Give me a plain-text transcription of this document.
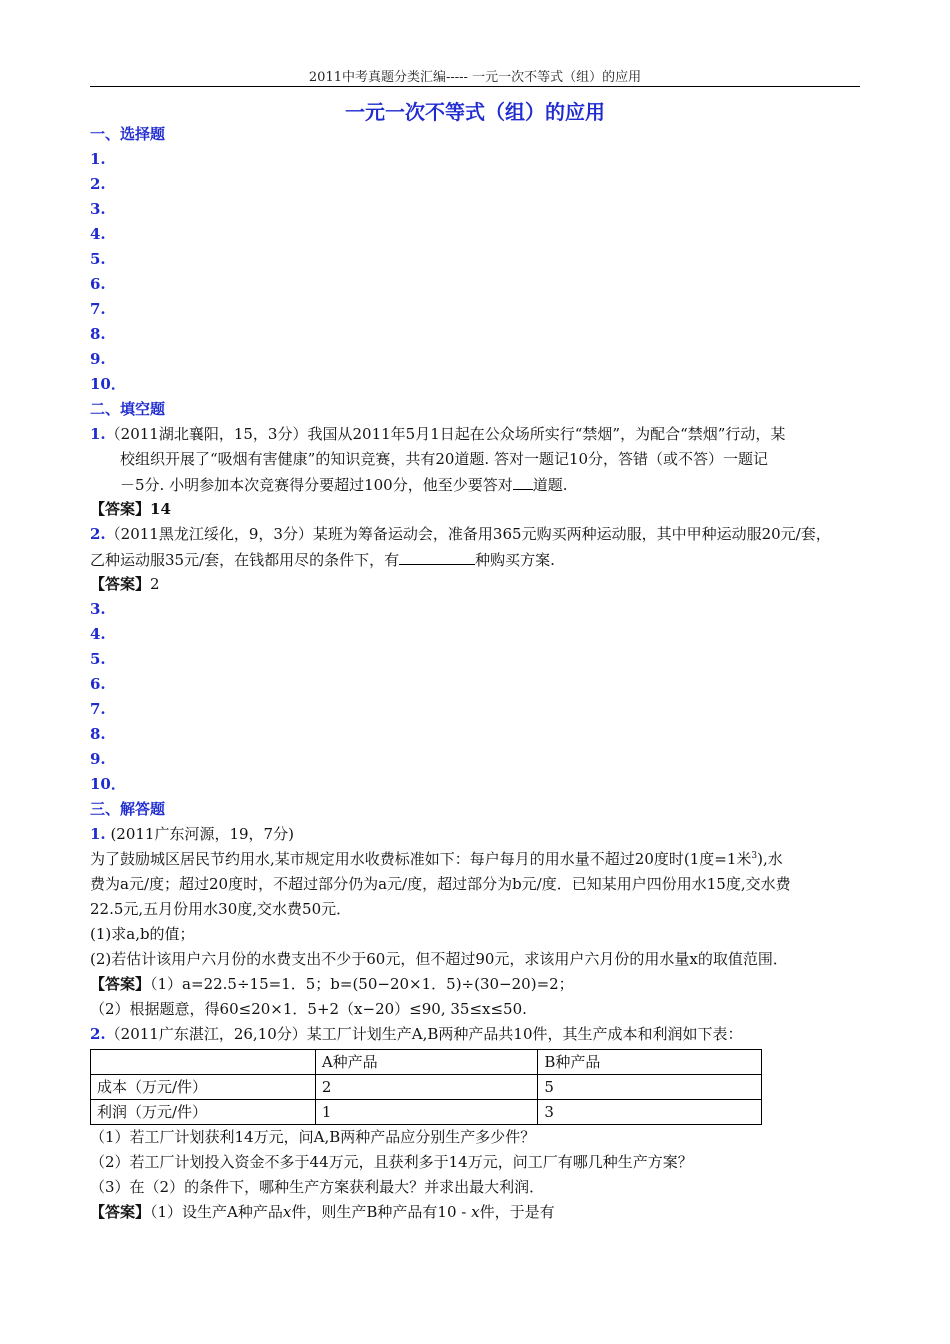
2011中考真题分类汇编----- 一元一次不等式（组）的应用
一元一次不等式（组）的应用
一、选择题
1.
2.
3.
4.
5.
6.
7.
8.
9.
10．
二、填空题
1.（2011湖北襄阳，15，3分）我国从2011年5月1日起在公众场所实行“禁烟”，为配合“禁烟”行动，某
校组织开展了“吸烟有害健康”的知识竞赛，共有20道题. 答对一题记10分，答错（或不答）一题记
－5分. 小明参加本次竞赛得分要超过100分，他至少要答对 道题.
【答案】14
2.（2011黑龙江绥化，9，3分）某班为筹备运动会，准备用365元购买两种运动服，其中甲种运动服20元/套，
乙种运动服35元/套，在钱都用尽的条件下，有	种购买方案.
【答案】2
3.
4.
5.
6.
7.
8.
9.
10．
三、解答题
1. (2011广东河源，19，7分)
为了鼓励城区居民节约用水,某市规定用水收费标准如下：每户每月的用水量不超过20度时(1度=1米$^3$),水
费为a元/度；超过20度时，不超过部分仍为a元/度，超过部分为b元/度．已知某用户四份用水15度,交水费
22.5元,五月份用水30度,交水费50元．
(1)求a,b的值；
(2)若估计该用户六月份的水费支出不少于60元，但不超过90元，求该用户六月份的用水量x的取值范围．
【答案】（1）a=22.5÷15=1．5；b=(50−20×1．5)÷(30−20)=2；
（2）根据题意，得60≤20×1．5+2（x−20）≤90, 35≤x≤50.
2.（2011广东湛江，26,10分）某工厂计划生产A,B两种产品共10件，其生产成本和利润如下表：
	A种产品	B种产品
成本（万元/件）	2	5
利润（万元/件）	1	3
（1）若工厂计划获利14万元，问A,B两种产品应分别生产多少件？
（2）若工厂计划投入资金不多于44万元，且获利多于14万元，问工厂有哪几种生产方案？
（3）在（2）的条件下，哪种生产方案获利最大？并求出最大利润．
【答案】（1）设生产A种产品x件，则生产B种产品有10 - x件，于是有
